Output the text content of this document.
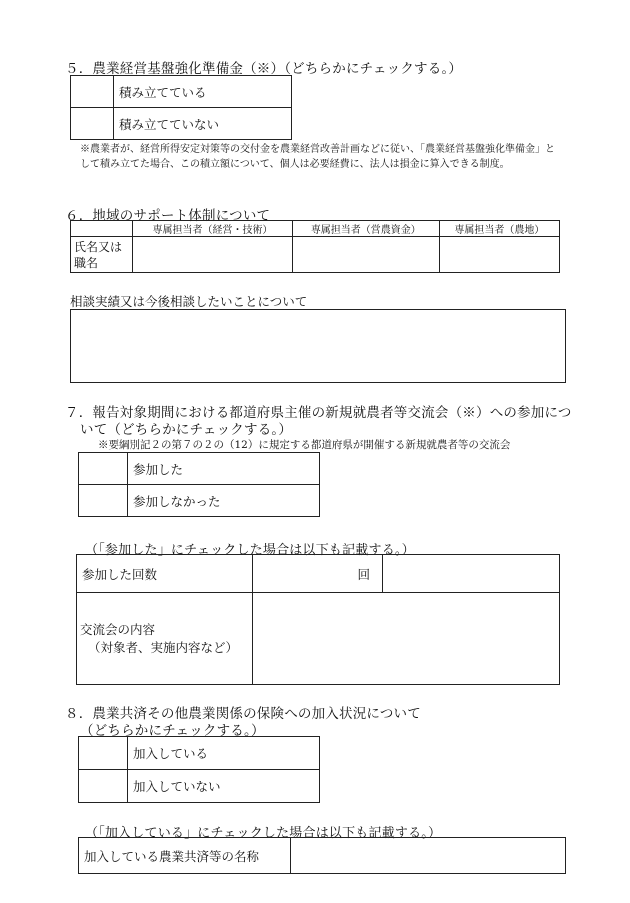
５．農業経営基盤強化準備金（※）（どちらかにチェックする。）
	積み立てている
	積み立てていない
※農業者が、経営所得安定対策等の交付金を農業経営改善計画などに従い、「農業経営基盤強化準備金」として積み立てた場合、この積立額について、個人は必要経費に、法人は損金に算入できる制度。
６．地域のサポート体制について
	専属担当者（経営・技術）	専属担当者（営農資金）	専属担当者（農地）
氏名又は職名			
相談実績又は今後相談したいことについて
７．報告対象期間における都道府県主催の新規就農者等交流会（※）への参加につ
いて（どちらかにチェックする。）
※要綱別記２の第７の２の（12）に規定する都道府県が開催する新規就農者等の交流会
	参加した
	参加しなかった
（「参加した」にチェックした場合は以下も記載する。）
参加した回数	回	

交流会の内容
（対象者、実施内容など）		

８．農業共済その他農業関係の保険への加入状況について
（どちらかにチェックする。）
	加入している
	加入していない
（「加入している」にチェックした場合は以下も記載する。）
加入している農業共済等の名称	
